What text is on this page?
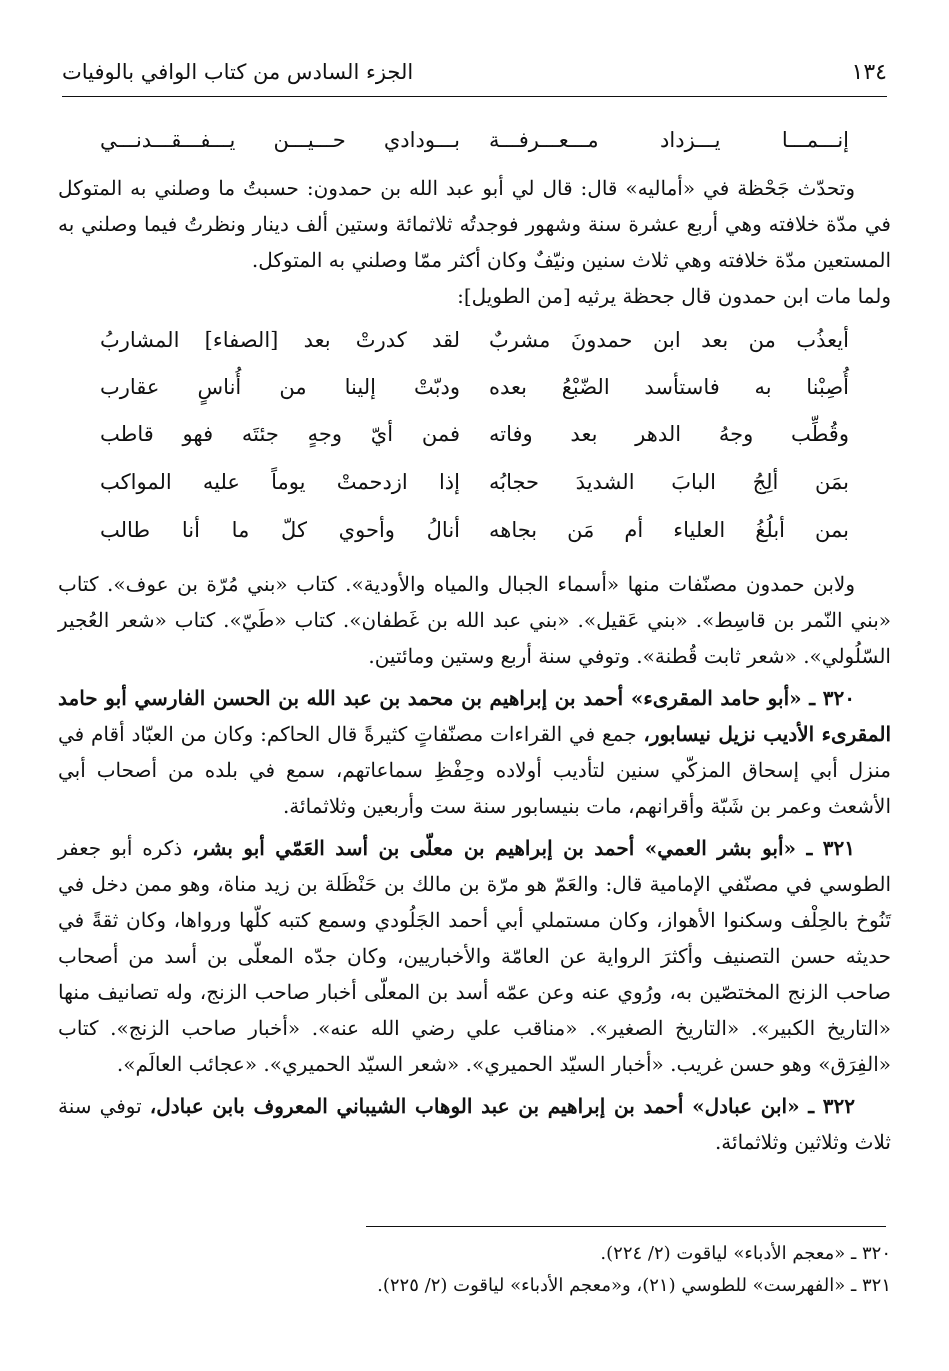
١٣٤
الجزء السادس من كتاب الوافي بالوفيات
إنـــمـــا يـــزداد مـــعـــرفـــة
بـــودادي حـــيـــن يـــفـــقـــدنـــي

وتحدّث جَحْظة في «أماليه» قال: قال لي أبو عبد الله بن حمدون: حسبتُ ما وصلني به المتوكل في مدّة خلافته وهي أربع عشرة سنة وشهور فوجدتُه ثلاثمائة وستين ألف دينار ونظرتُ فيما وصلني به المستعين مدّة خلافته وهي ثلاث سنين ونيّفٌ وكان أكثر ممّا وصلني به المتوكل.

ولما مات ابن حمدون قال جحظة يرثيه [من الطويل]:

أيعذُب من بعد ابن حمدونَ مشربٌ
لقد كدرتْ بعد [الصفاء] المشاربُ
أُصِبْنا به فاستأسد الضّبْعُ بعده
ودبّتْ إلينا من أُناسٍ عقارب
وقُطِّب وجهُ الدهر بعد وفاته
فمن أيّ وجهٍ جئتَه فهو قاطب
بمَن ألِجُ البابَ الشديدَ حجابُه
إذا ازدحمتْ يوماً عليه المواكب
بمن أبلُغُ العلياء أم مَن بجاهه
أنالُ وأحوي كلّ ما أنا طالب

ولابن حمدون مصنّفات منها «أسماء الجبال والمياه والأودية». كتاب «بني مُرّة بن عوف». كتاب «بني النّمر بن قاسِط». «بني عَقيل». «بني عبد الله بن غَطفان». كتاب «طَيّ». كتاب «شعر العُجير السّلُولي». «شعر ثابت قُطنة». وتوفي سنة أربع وستين ومائتين.

٣٢٠ ـ «أبو حامد المقرىء» أحمد بن إبراهيم بن محمد بن عبد الله بن الحسن الفارسي أبو حامد المقرىء الأديب نزيل نيسابور، جمع في القراءات مصنّفاتٍ كثيرةً قال الحاكم: وكان من العبّاد أقام في منزل أبي إسحاق المزكّي سنين لتأديب أولاده وحِفْظِ سماعاتهم، سمع في بلده من أصحاب أبي الأشعث وعمر بن شَبّة وأقرانهم، مات بنيسابور سنة ست وأربعين وثلاثمائة.

٣٢١ ـ «أبو بشر العمي» أحمد بن إبراهيم بن معلّى بن أسد العَمّي أبو بشر، ذكره أبو جعفر الطوسي في مصنّفي الإمامية قال: والعَمّ هو مرّة بن مالك بن حَنْظَلة بن زيد مناة، وهو ممن دخل في تَنُوخ بالحِلْف وسكنوا الأهواز، وكان مستملي أبي أحمد الجَلُودي وسمع كتبه كلّها ورواها، وكان ثقةً في حديثه حسن التصنيف وأكثرَ الرواية عن العامّة والأخباريين، وكان جدّه المعلّى بن أسد من أصحاب صاحب الزنج المختصّين به، ورُوي عنه وعن عمّه أسد بن المعلّى أخبار صاحب الزنج، وله تصانيف منها «التاريخ الكبير». «التاريخ الصغير». «مناقب علي رضي الله عنه». «أخبار صاحب الزنج». كتاب «الفِرَق» وهو حسن غريب. «أخبار السيّد الحميري». «شعر السيّد الحميري». «عجائب العالَم».

٣٢٢ ـ «ابن عبادل» أحمد بن إبراهيم بن عبد الوهاب الشيباني المعروف بابن عبادل، توفي سنة ثلاث وثلاثين وثلاثمائة.

٣٢٠ ـ «معجم الأدباء» لياقوت (٢/ ٢٢٤).

٣٢١ ـ «الفهرست» للطوسي (٢١)، و«معجم الأدباء» لياقوت (٢/ ٢٢٥).
